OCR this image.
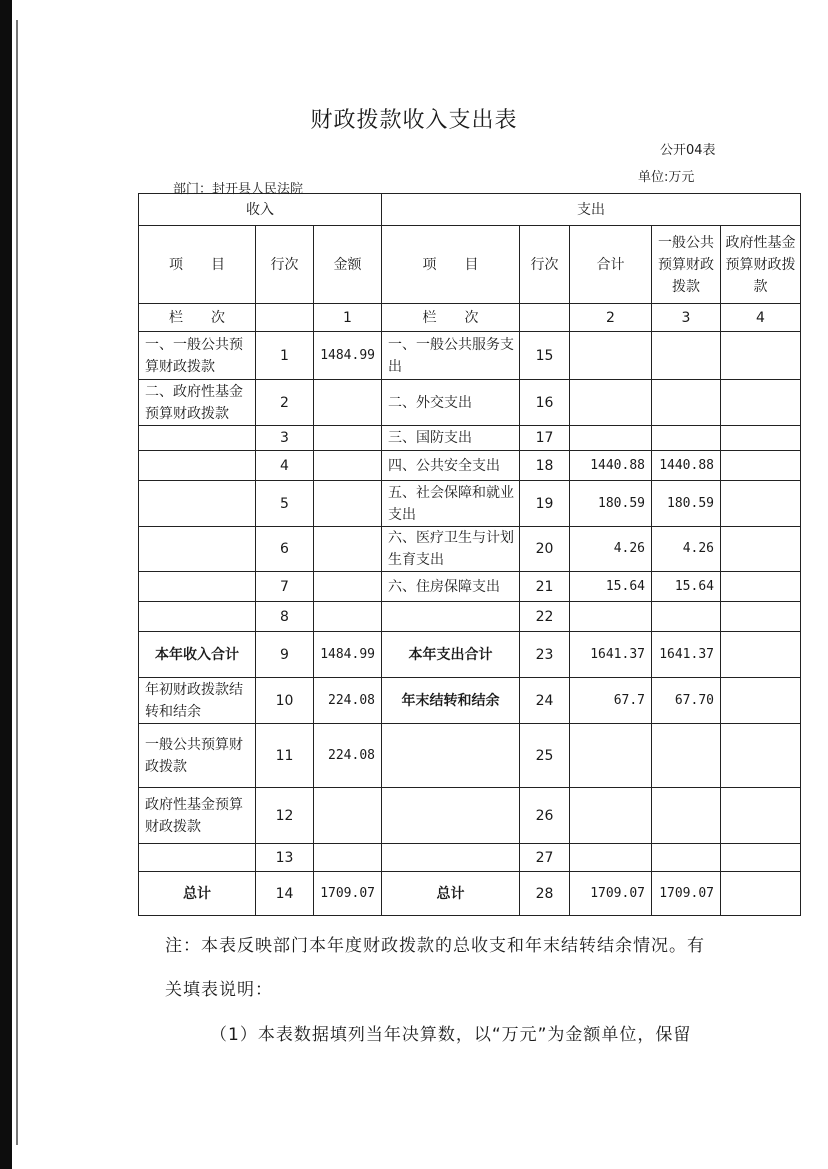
财政拨款收入支出表
公开04表
单位:万元
部门：封开县人民法院
收入			支出				
项　　目	行次	金额	项　　目	行次	合计	一般公共预算财政拨款	政府性基金预算财政拨款
栏　　次		1	栏　　次		2	3	4
一、一般公共预算财政拨款	1	1484.99	一、一般公共服务支出	15			
二、政府性基金预算财政拨款	2		二、外交支出	16			
	3		三、国防支出	17			
	4		四、公共安全支出	18	1440.88	1440.88	
	5		五、社会保障和就业支出	19	180.59	180.59	
	6		六、医疗卫生与计划生育支出	20	4.26	4.26	
	7		六、住房保障支出	21	15.64	15.64	
	8			22			
本年收入合计	9	1484.99	本年支出合计	23	1641.37	1641.37	
年初财政拨款结转和结余	10	224.08	年末结转和结余	24	67.7	67.70	
一般公共预算财政拨款	11	224.08		25			
政府性基金预算财政拨款	12			26			
	13			27			
总计	14	1709.07	总计	28	1709.07	1709.07	
注：本表反映部门本年度财政拨款的总收支和年末结转结余情况。有
关填表说明：
（1）本表数据填列当年决算数，以“万元”为金额单位，保留
